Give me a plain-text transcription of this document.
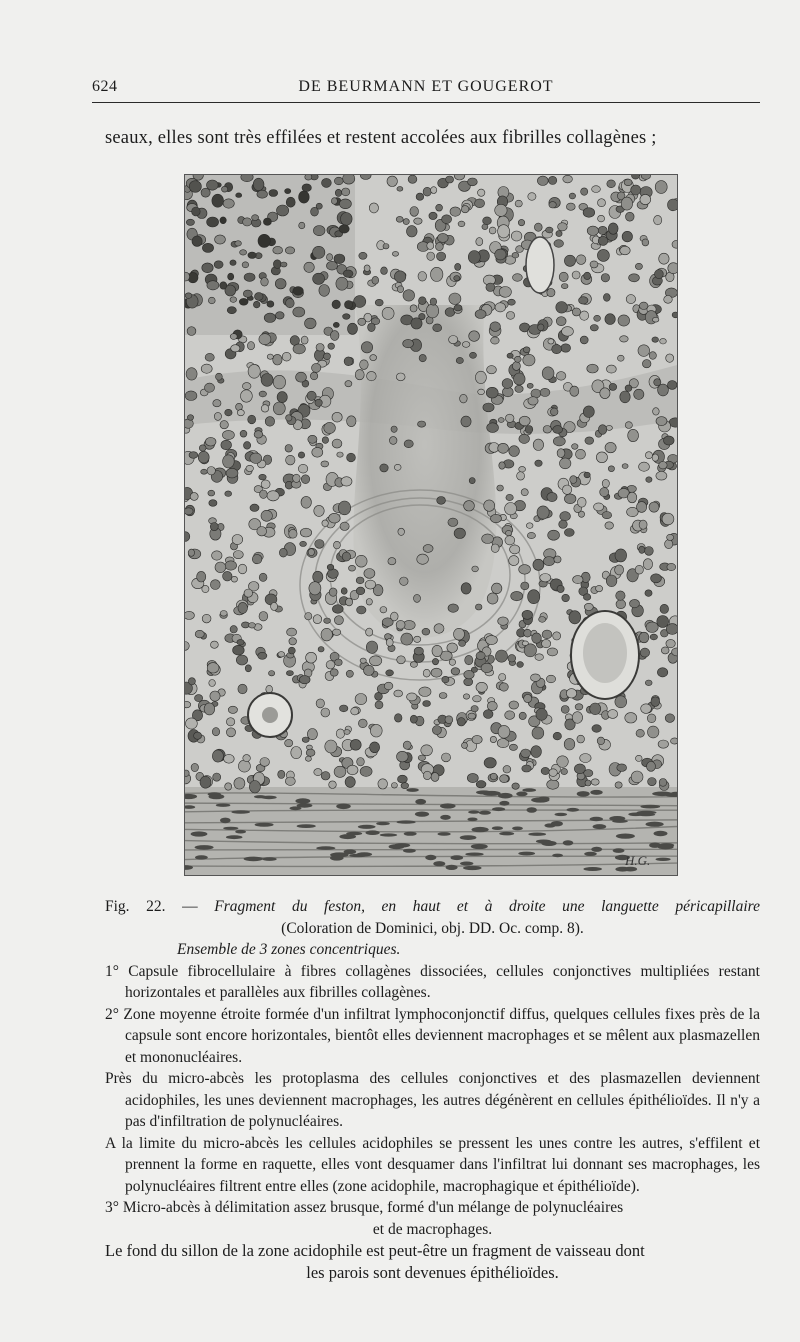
624	DE BEURMANN ET GOUGEROT
seaux, elles sont très effilées et restent accolées aux fibrilles collagènes ;
H.G.

Fig. 22. — Fragment du feston, en haut et à droite une languette péricapillaire

(Coloration de Dominici, obj. DD. Oc. comp. 8).

Ensemble de 3 zones concentriques.

1° Capsule fibrocellulaire à fibres collagènes dissociées, cellules conjonctives multipliées restant horizontales et parallèles aux fibrilles collagènes.

2° Zone moyenne étroite formée d'un infiltrat lymphoconjonctif diffus, quelques cellules fixes près de la capsule sont encore horizontales, bientôt elles deviennent macrophages et se mêlent aux plasmazellen et mononucléaires.

Près du micro-abcès les protoplasma des cellules conjonctives et des plasmazellen deviennent acidophiles, les unes deviennent macrophages, les autres dégénèrent en cellules épithélioïdes. Il n'y a pas d'infiltration de polynucléaires.

A la limite du micro-abcès les cellules acidophiles se pressent les unes contre les autres, s'effilent et prennent la forme en raquette, elles vont desquamer dans l'infiltrat lui donnant ses macrophages, les polynucléaires filtrent entre elles (zone acidophile, macrophagique et épithélioïde).

3° Micro-abcès à délimitation assez brusque, formé d'un mélange de polynucléaires

et de macrophages.

Le fond du sillon de la zone acidophile est peut-être un fragment de vaisseau dont

les parois sont devenues épithélioïdes.
